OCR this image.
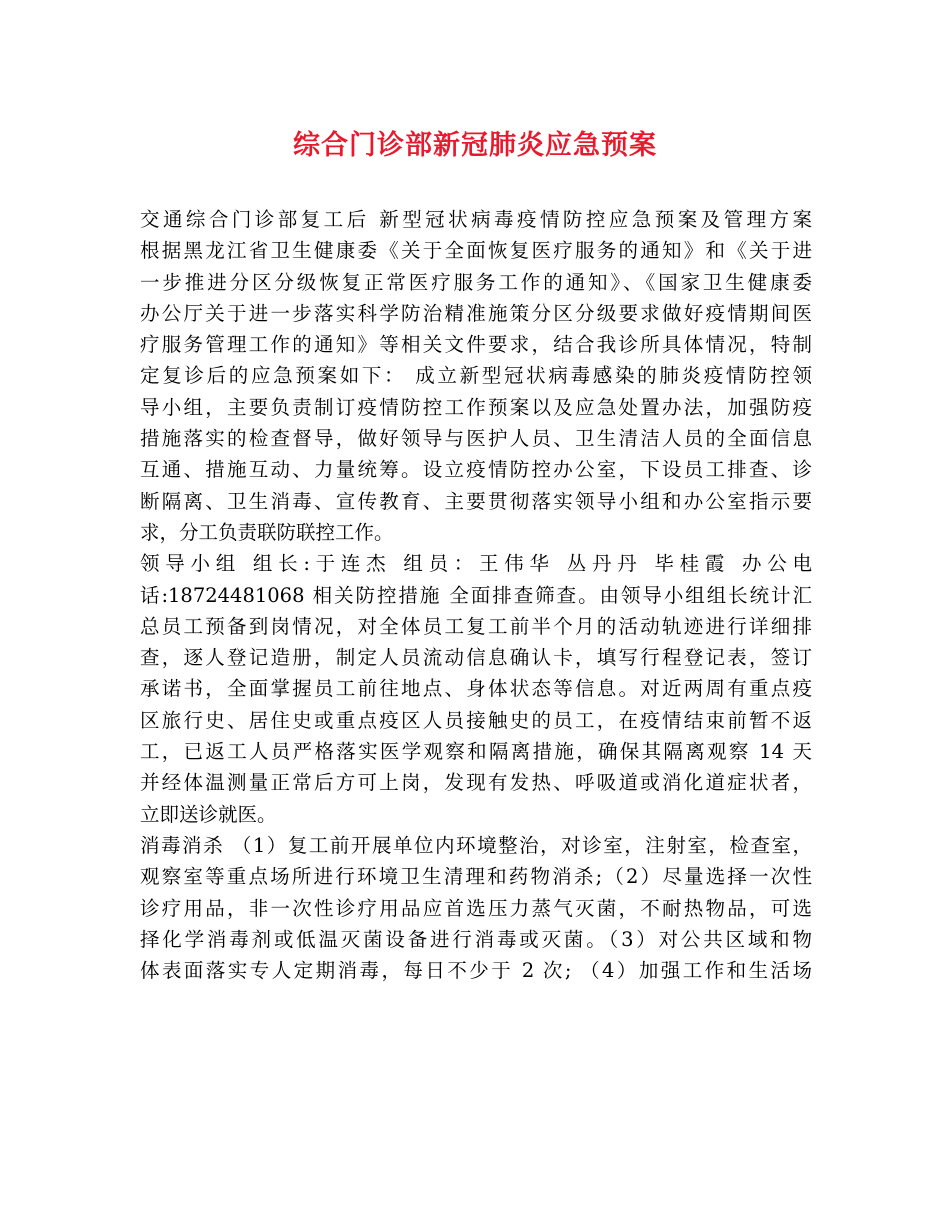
综合门诊部新冠肺炎应急预案
交通综合门诊部复工后 新型冠状病毒疫情防控应急预案及管理方案
根据黑龙江省卫生健康委《关于全面恢复医疗服务的通知》和《关于进
一步推进分区分级恢复正常医疗服务工作的通知》、《国家卫生健康委
办公厅关于进一步落实科学防治精准施策分区分级要求做好疫情期间医
疗服务管理工作的通知》等相关文件要求，结合我诊所具体情况，特制
定复诊后的应急预案如下： 成立新型冠状病毒感染的肺炎疫情防控领
导小组，主要负责制订疫情防控工作预案以及应急处置办法，加强防疫
措施落实的检查督导，做好领导与医护人员、卫生清洁人员的全面信息
互通、措施互动、力量统筹。设立疫情防控办公室，下设员工排查、诊
断隔离、卫生消毒、宣传教育、主要贯彻落实领导小组和办公室指示要
求，分工负责联防联控工作。
领导小组 组长:于连杰 组员：王伟华 丛丹丹 毕桂霞 办公电
话:18724481068 相关防控措施 全面排查筛查。由领导小组组长统计汇
总员工预备到岗情况，对全体员工复工前半个月的活动轨迹进行详细排
查，逐人登记造册，制定人员流动信息确认卡，填写行程登记表，签订
承诺书，全面掌握员工前往地点、身体状态等信息。对近两周有重点疫
区旅行史、居住史或重点疫区人员接触史的员工，在疫情结束前暂不返
工，已返工人员严格落实医学观察和隔离措施，确保其隔离观察 14 天
并经体温测量正常后方可上岗，发现有发热、呼吸道或消化道症状者，
立即送诊就医。
消毒消杀 （1）复工前开展单位内环境整治，对诊室，注射室，检查室，
观察室等重点场所进行环境卫生清理和药物消杀;（2）尽量选择一次性
诊疗用品，非一次性诊疗用品应首选压力蒸气灭菌，不耐热物品，可选
择化学消毒剂或低温灭菌设备进行消毒或灭菌。（3）对公共区域和物
体表面落实专人定期消毒，每日不少于 2 次; （4）加强工作和生活场
